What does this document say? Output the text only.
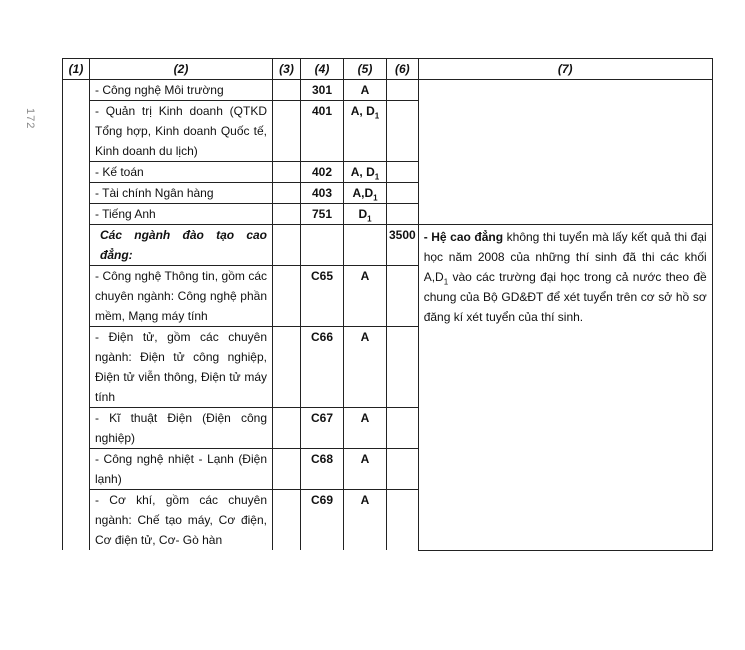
172
(1)	(2)	(3)	(4)	(5)	(6)	(7)
	- Công nghệ Môi trường		301	A		
	- Quản trị Kinh doanh (QTKD Tổng hợp, Kinh doanh Quốc tế, Kinh doanh du lịch)		401	A, $D_1$	
	- Kế toán		402	A, $D_1$	
	- Tài chính Ngân hàng		403	$A,D_1$	
	- Tiếng Anh		751	$D_1$	
	Các ngành đào tạo cao đẳng:				3500	- Hệ cao đẳng không thi tuyển mà lấy kết quả thi đại học năm 2008 của những thí sinh đã thi các khối $A,D_1$ vào các trường đại học trong cả nước theo đề chung của Bộ GD&ĐT để xét tuyển trên cơ sở hồ sơ đăng kí xét tuyển của thí sinh.
	- Công nghệ Thông tin, gồm các chuyên ngành: Công nghệ phần mềm, Mạng máy tính		C65	A		
	- Điện tử, gồm các chuyên ngành: Điện tử công nghiệp, Điện tử viễn thông, Điện tử máy tính		C66	A		
	- Kĩ thuật Điện (Điện công nghiệp)		C67	A		
	- Công nghệ nhiệt - Lạnh (Điện lạnh)		C68	A		
	- Cơ khí, gồm các chuyên ngành: Chế tạo máy, Cơ điện, Cơ điện tử, Cơ- Gò hàn		C69	A		
